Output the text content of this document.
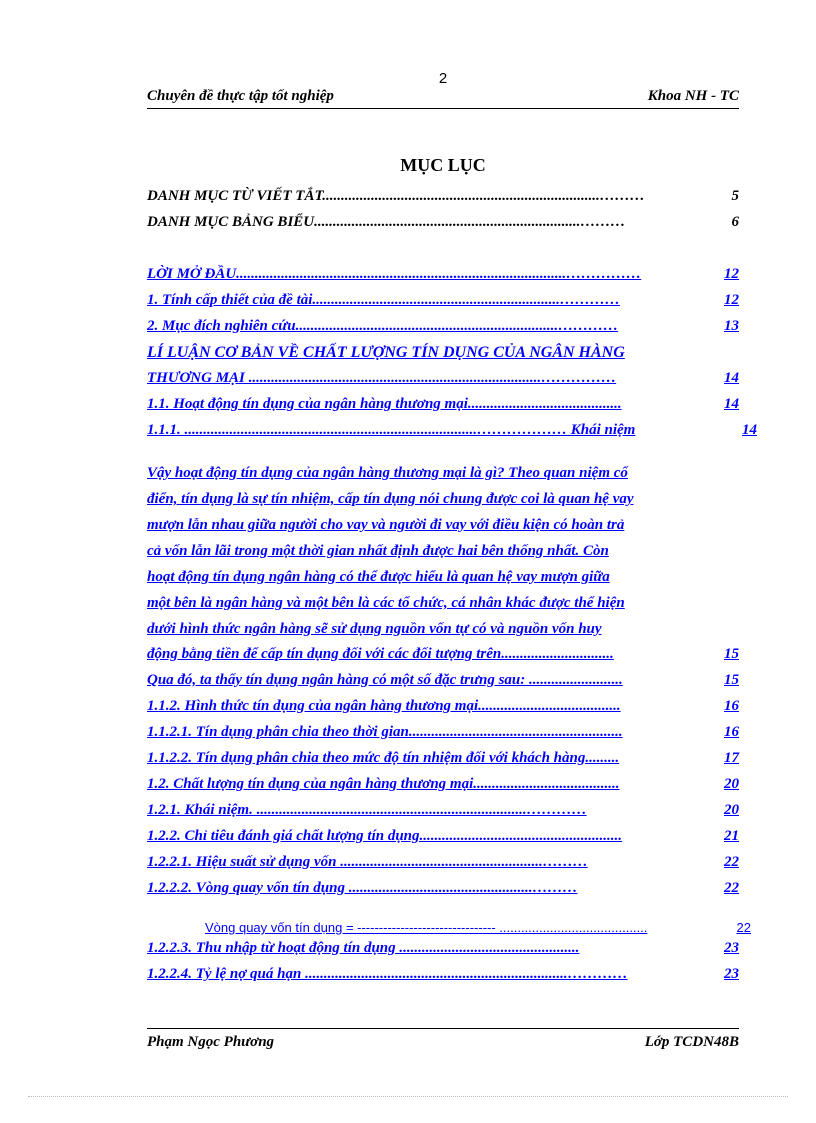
2
Chuyên đề thực tập tốt nghiệp	Khoa NH - TC
MỤC LỤC
DANH MỤC TỪ VIẾT TẮT..........................................................................………	5
DANH MỤC BẢNG BIỂU.......................................................................………	6
LỜI MỞ ĐẦU........................................................................................……………	12
1. Tính cấp thiết của đề tài..................................................................…………	12
2. Mục đích nghiên cứu......................................................................…………	13
LÍ LUẬN CƠ BẢN VỀ CHẤT LƯỢNG TÍN DỤNG CỦA NGÂN HÀNG
THƯƠNG MẠI ..............................................................................……………	14
1.1. Hoạt động tín dụng của ngân hàng thương mại.........................................	14
1.1.1. ..............................................................................……………… Khái niệm	14
Vậy hoạt động tín dụng của ngân hàng thương mại là gì? Theo quan niệm cổ
điển, tín dụng là sự tín nhiệm, cấp tín dụng nói chung được coi là quan hệ vay
mượn lẫn nhau giữa người cho vay và người đi vay với điều kiện có hoàn trả
cả vốn lẫn lãi trong một thời gian nhất định được hai bên thống nhất. Còn
hoạt động tín dụng ngân hàng có thể được hiểu là quan hệ vay mượn giữa
một bên là ngân hàng và một bên là các tổ chức, cá nhân khác được thể hiện
dưới hình thức ngân hàng sẽ sử dụng nguồn vốn tự có và nguồn vốn huy
động bằng tiền để cấp tín dụng đối với các đối tượng trên..............................	15
Qua đó, ta thấy tín dụng ngân hàng có một số đặc trưng sau: .........................	15
1.1.2. Hình thức tín dụng của ngân hàng thương mại......................................	16
1.1.2.1. Tín dụng phân chia theo thời gian.........................................................	16
1.1.2.2. Tín dụng phân chia theo mức độ tín nhiệm đối với khách hàng.........	17
1.2. Chất lượng tín dụng của ngân hàng thương mại.......................................	20
1.2.1. Khái niệm. ........................................................................…………	20
1.2.2. Chỉ tiêu đánh giá chất lượng tín dụng......................................................	21
1.2.2.1. Hiệu suất sử dụng vốn ......................................................………	22
1.2.2.2. Vòng quay vốn tín dụng .................................................………	22
Vòng quay vốn tín dụng = -------------------------------- .........................................	22
1.2.2.3. Thu nhập từ hoạt động tín dụng ................................................	23
1.2.2.4. Tỷ lệ nợ quá hạn ......................................................................…………	23
Phạm Ngọc Phương	Lớp TCDN48B
